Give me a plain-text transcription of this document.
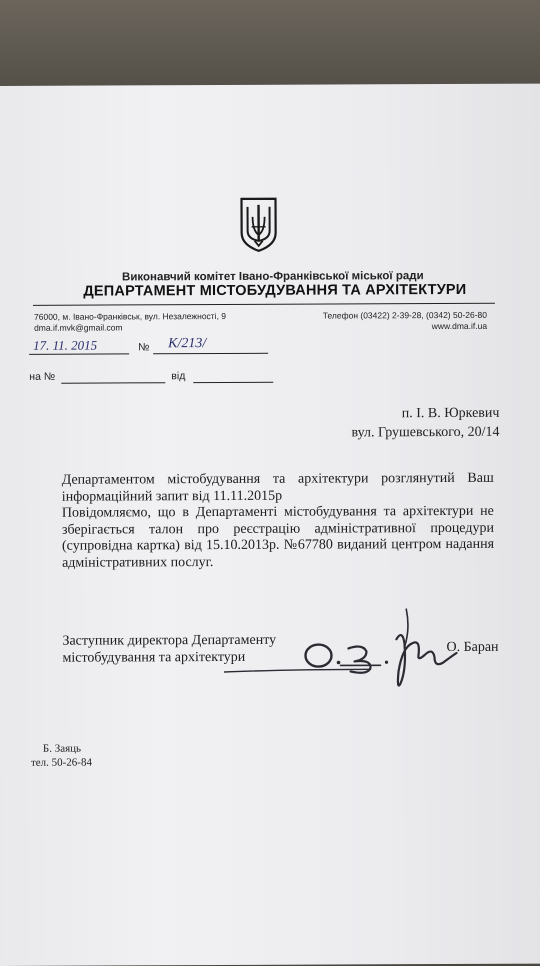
Виконавчий комітет Івано-Франківської міської ради
ДЕПАРТАМЕНТ МІСТОБУДУВАННЯ ТА АРХІТЕКТУРИ
76000, м. Івано-Франківськ, вул. Незалежності, 9
dma.if.mvk@gmail.com
Телефон (03422) 2-39-28, (0342) 50-26-80
www.dma.if.ua
17. 11. 2015	№ К/213/
на №	від
п. І. В. Юркевич
вул. Грушевського, 20/14

Департаментом містобудування та архітектури розглянутий Ваш інформаційний запит від 11.11.2015р

Повідомляємо, що в Департаменті містобудування та архітектури не зберігається талон про реєстрацію адміністративної процедури (супровідна картка) від 15.10.2013р. №67780 виданий центром надання адміністративних послуг.

Заступник директора Департаменту
містобудування та архітектури
О. Баран
Б. Заяць
тел. 50-26-84
